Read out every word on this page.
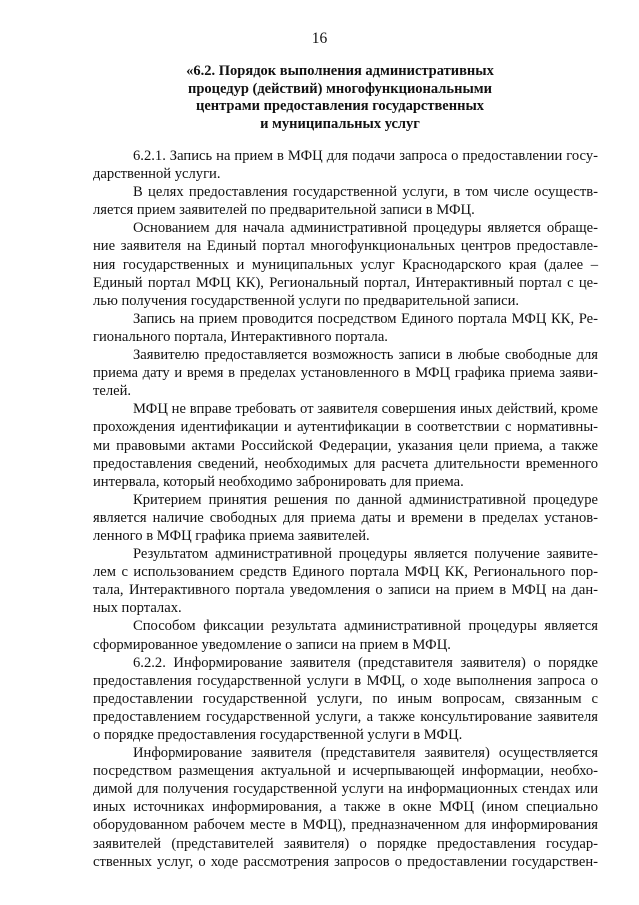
16
«6.2. Порядок выполнения административных
процедур (действий) многофункциональными
центрами предоставления государственных
и муниципальных услуг
6.2.1. Запись на прием в МФЦ для подачи запроса о предоставлении госу-
дарственной услуги.
В целях предоставления государственной услуги, в том числе осуществ-
ляется прием заявителей по предварительной записи в МФЦ.
Основанием для начала административной процедуры является обраще-
ние заявителя на Единый портал многофункциональных центров предоставле-
ния государственных и муниципальных услуг Краснодарского края (далее –
Единый портал МФЦ КК), Региональный портал, Интерактивный портал с це-
лью получения государственной услуги по предварительной записи.
Запись на прием проводится посредством Единого портала МФЦ КК, Ре-
гионального портала, Интерактивного портала.
Заявителю предоставляется возможность записи в любые свободные для
приема дату и время в пределах установленного в МФЦ графика приема заяви-
телей.
МФЦ не вправе требовать от заявителя совершения иных действий, кроме
прохождения идентификации и аутентификации в соответствии с нормативны-
ми правовыми актами Российской Федерации, указания цели приема, а также
предоставления сведений, необходимых для расчета длительности временного
интервала, который необходимо забронировать для приема.
Критерием принятия решения по данной административной процедуре
является наличие свободных для приема даты и времени в пределах установ-
ленного в МФЦ графика приема заявителей.
Результатом административной процедуры является получение заявите-
лем с использованием средств Единого портала МФЦ КК, Регионального пор-
тала, Интерактивного портала уведомления о записи на прием в МФЦ на дан-
ных порталах.
Способом фиксации результата административной процедуры является
сформированное уведомление о записи на прием в МФЦ.
6.2.2. Информирование заявителя (представителя заявителя) о порядке
предоставления государственной услуги в МФЦ, о ходе выполнения запроса о
предоставлении государственной услуги, по иным вопросам, связанным с
предоставлением государственной услуги, а также консультирование заявителя
о порядке предоставления государственной услуги в МФЦ.
Информирование заявителя (представителя заявителя) осуществляется
посредством размещения актуальной и исчерпывающей информации, необхо-
димой для получения государственной услуги на информационных стендах или
иных источниках информирования, а также в окне МФЦ (ином специально
оборудованном рабочем месте в МФЦ), предназначенном для информирования
заявителей (представителей заявителя) о порядке предоставления государ-
ственных услуг, о ходе рассмотрения запросов о предоставлении государствен-
